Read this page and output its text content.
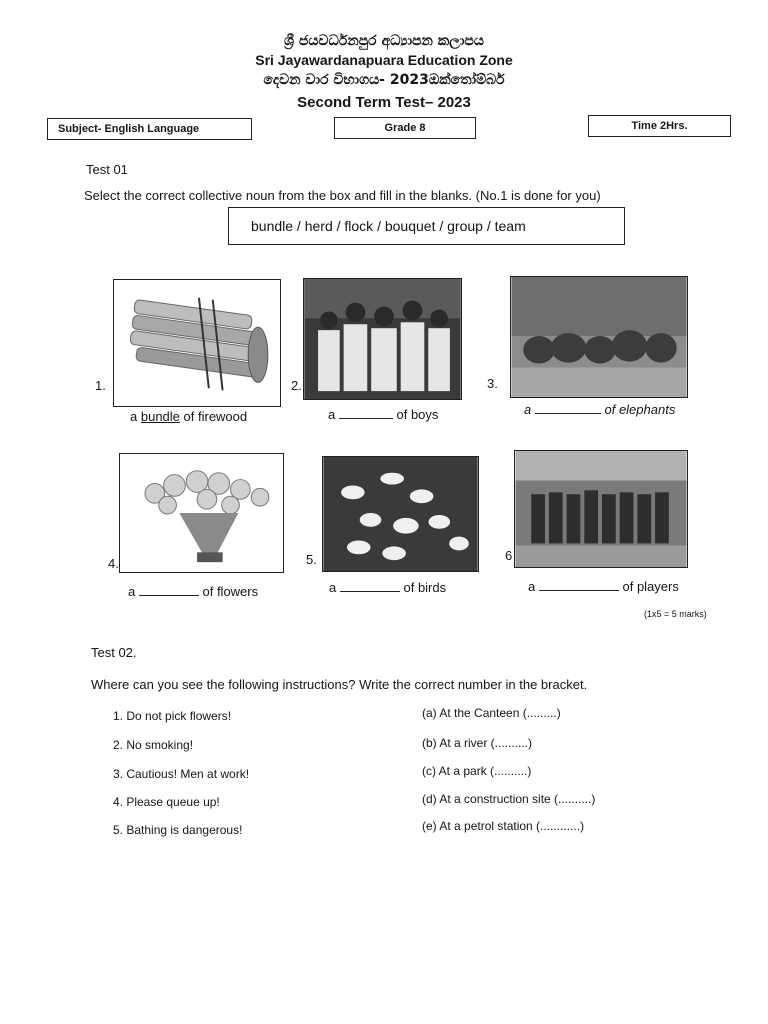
ශ්‍රී ජයවර්ධනපුර අධ්‍යාපන කලාපය
Sri Jayawardanapuara Education Zone
දෙවන වාර විභාගය- 2023ඔක්තෝම්බර්
Second Term Test– 2023
Subject- English Language	Grade 8	Time 2Hrs.
Test 01
Select the correct collective noun from the box and fill in the blanks. (No.1 is done for you)
bundle / herd / flock / bouquet / group / team
1.
a bundle of firewood
2.
a	of boys
3.
a	of elephants
4.
a	of flowers
5.
a	of birds
6
a	of players
(1x5 = 5 marks)
Test 02.
Where can you see the following instructions? Write the correct number in the bracket.
1. Do not pick flowers!
2. No smoking!
3. Cautious! Men at work!
4. Please queue up!
5. Bathing is dangerous!
(a) At the Canteen (.........)
(b) At a river (..........)
(c) At a park (..........)
(d) At a construction site (..........)
(e) At a petrol station (............)
